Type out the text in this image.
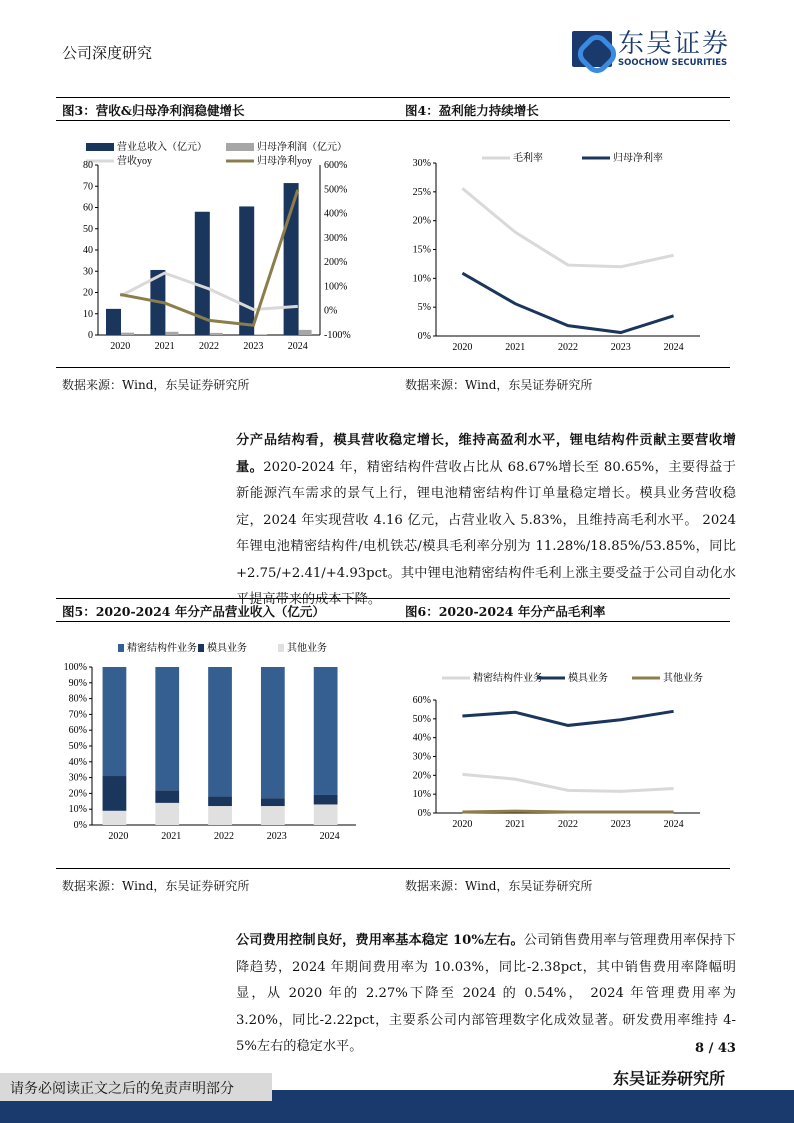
公司深度研究	东吴证券
SOOCHOW SECURITIES
图3：营收&归母净利润稳健增长	图4：盈利能力持续增长
营业总收入（亿元）	归母净利润（亿元）
营收yoy	归母净利yoy
0
10
20
30
40
50
60
70
80
-100%
0%
100%
200%
300%
400%
500%
600%
2020 2021 2022 2023 2024
毛利率	归母净利率
0%
5%
10%
15%
20%
25%
30%
2020	2021	2022	2023	2024
数据来源：Wind，东吴证券研究所	数据来源：Wind，东吴证券研究所
分产品结构看，模具营收稳定增长，维持高盈利水平，锂电结构件贡献主要营收增量。2020-2024 年，精密结构件营收占比从 68.67%增长至 80.65%，主要得益于新能源汽车需求的景气上行，锂电池精密结构件订单量稳定增长。模具业务营收稳定，2024 年实现营收 4.16 亿元，占营业收入 5.83%，且维持高毛利水平。 2024 年锂电池精密结构件/电机铁芯/模具毛利率分别为 11.28%/18.85%/53.85%，同比+2.75/+2.41/+4.93pct。其中锂电池精密结构件毛利上涨主要受益于公司自动化水平提高带来的成本下降。
图5：2020-2024 年分产品营业收入（亿元）	图6：2020-2024 年分产品毛利率
精密结构件业务 模具业务	其他业务
0%
10%
20%
30%
40%
50%
60%
70%
80%
90%
100%
2020	2021	2022	2023	2024
精密结构件业务	模具业务	其他业务
0%
10%
20%
30%
40%
50%
60%
2020	2021	2022	2023	2024
数据来源：Wind，东吴证券研究所	数据来源：Wind，东吴证券研究所
公司费用控制良好，费用率基本稳定 10%左右。公司销售费用率与管理费用率保持下降趋势，2024 年期间费用率为 10.03%，同比-2.38pct，其中销售费用率降幅明显，从 2020 年的 2.27%下降至 2024 的 0.54%， 2024 年管理费用率为 3.20%，同比-2.22pct，主要系公司内部管理数字化成效显著。研发费用率维持 4-5%左右的稳定水平。	8 / 43
东吴证券研究所
请务必阅读正文之后的免责声明部分
